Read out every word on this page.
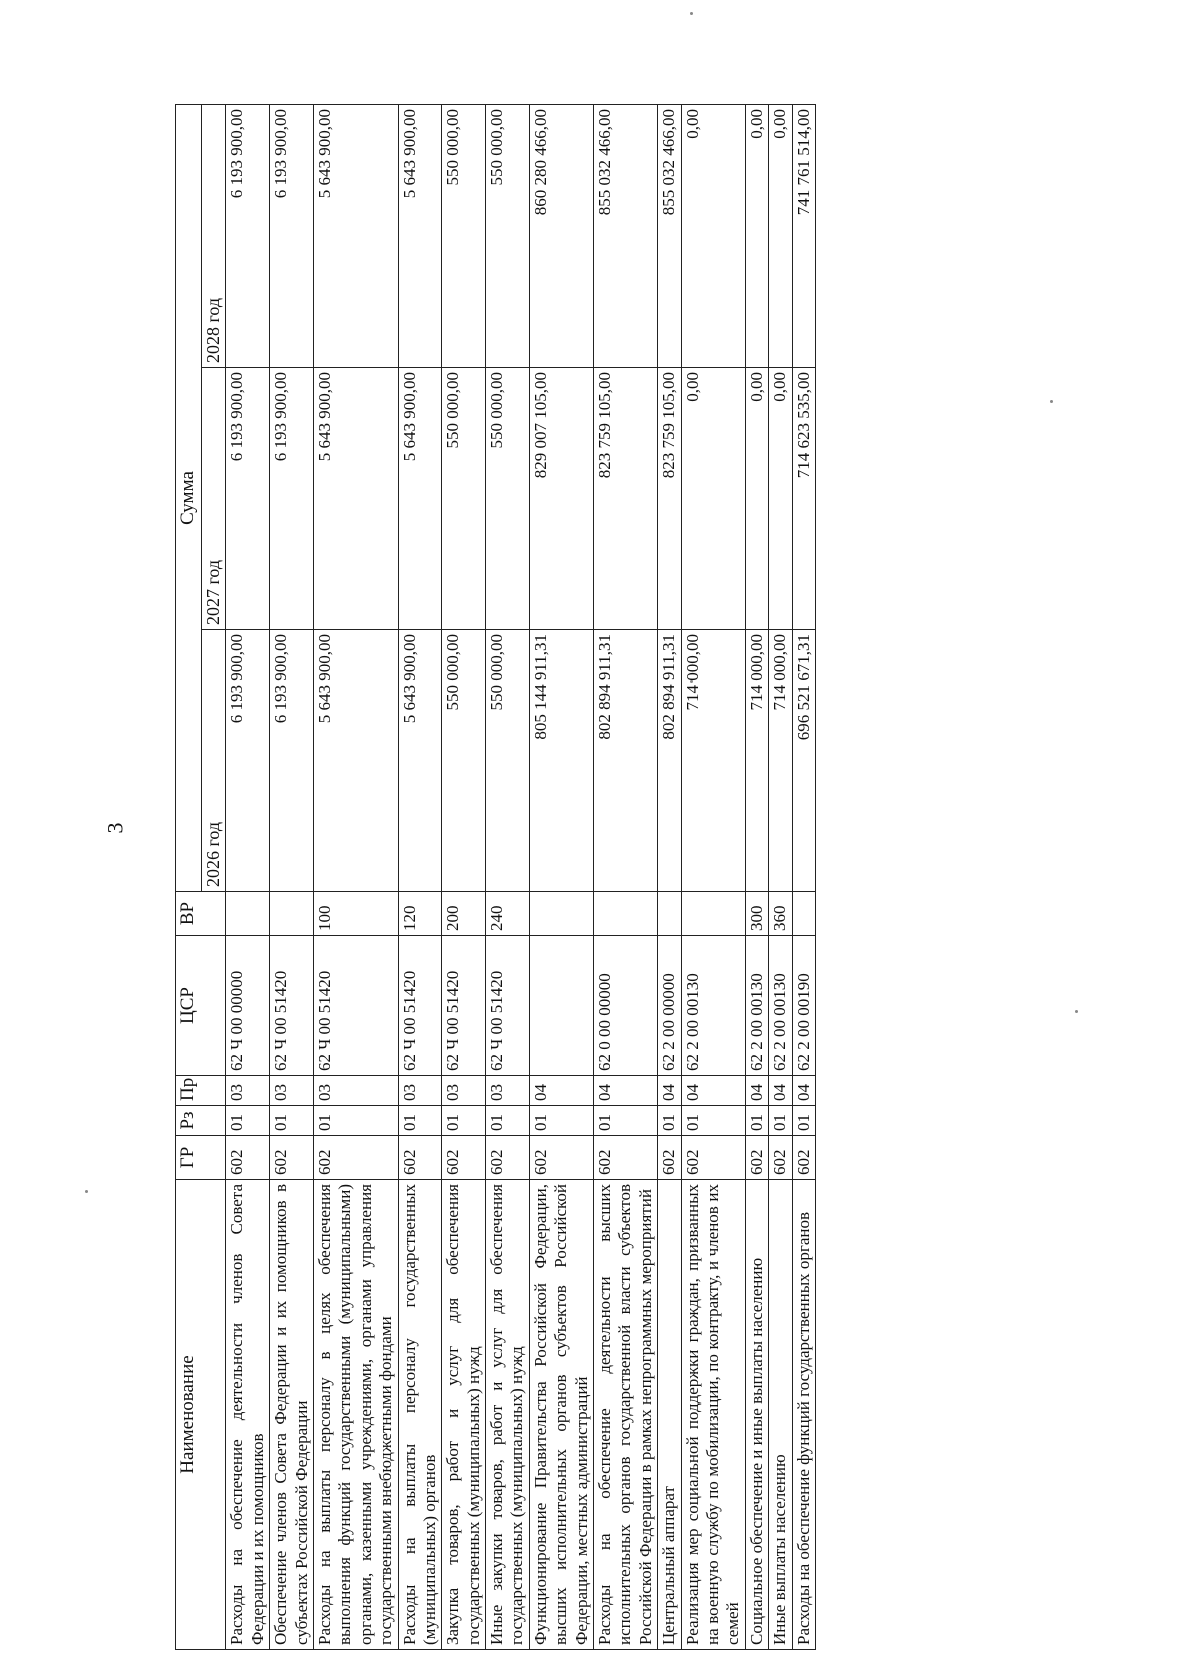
3
Наименование	ГР	Рз	Пр	ЦСР	ВР	Сумма		
						2026 год	2027 год	2028 год
Расходы на обеспечение деятельности членов Совета Федерации и их помощников	602	01	03	62 Ч 00 00000		6 193 900,00	6 193 900,00	6 193 900,00
Обеспечение членов Совета Федерации и их помощников в субъектах Российской Федерации	602	01	03	62 Ч 00 51420		6 193 900,00	6 193 900,00	6 193 900,00
Расходы на выплаты персоналу в целях обеспечения выполнения функций государственными (муниципальными) органами, казенными учреждениями, органами управления государственными внебюджетными фондами	602	01	03	62 Ч 00 51420	100	5 643 900,00	5 643 900,00	5 643 900,00
Расходы на выплаты персоналу государственных (муниципальных) органов	602	01	03	62 Ч 00 51420	120	5 643 900,00	5 643 900,00	5 643 900,00
Закупка товаров, работ и услуг для обеспечения государственных (муниципальных) нужд	602	01	03	62 Ч 00 51420	200	550 000,00	550 000,00	550 000,00
Иные закупки товаров, работ и услуг для обеспечения государственных (муниципальных) нужд	602	01	03	62 Ч 00 51420	240	550 000,00	550 000,00	550 000,00
Функционирование Правительства Российской Федерации, высших исполнительных органов субъектов Российской Федерации, местных администраций	602	01	04			805 144 911,31	829 007 105,00	860 280 466,00
Расходы на обеспечение деятельности высших исполнительных органов государственной власти субъектов Российской Федерации в рамках непрограммных мероприятий	602	01	04	62 0 00 00000		802 894 911,31	823 759 105,00	855 032 466,00
Центральный аппарат	602	01	04	62 2 00 00000		802 894 911,31	823 759 105,00	855 032 466,00
Реализация мер социальной поддержки граждан, призванных на военную службу по мобилизации, по контракту, и членов их семей	602	01	04	62 2 00 00130		714 000,00	0,00	0,00
Социальное обеспечение и иные выплаты населению	602	01	04	62 2 00 00130	300	714 000,00	0,00	0,00
Иные выплаты населению	602	01	04	62 2 00 00130	360	714 000,00	0,00	0,00
Расходы на обеспечение функций государственных органов	602	01	04	62 2 00 00190		696 521 671,31	714 623 535,00	741 761 514,00
